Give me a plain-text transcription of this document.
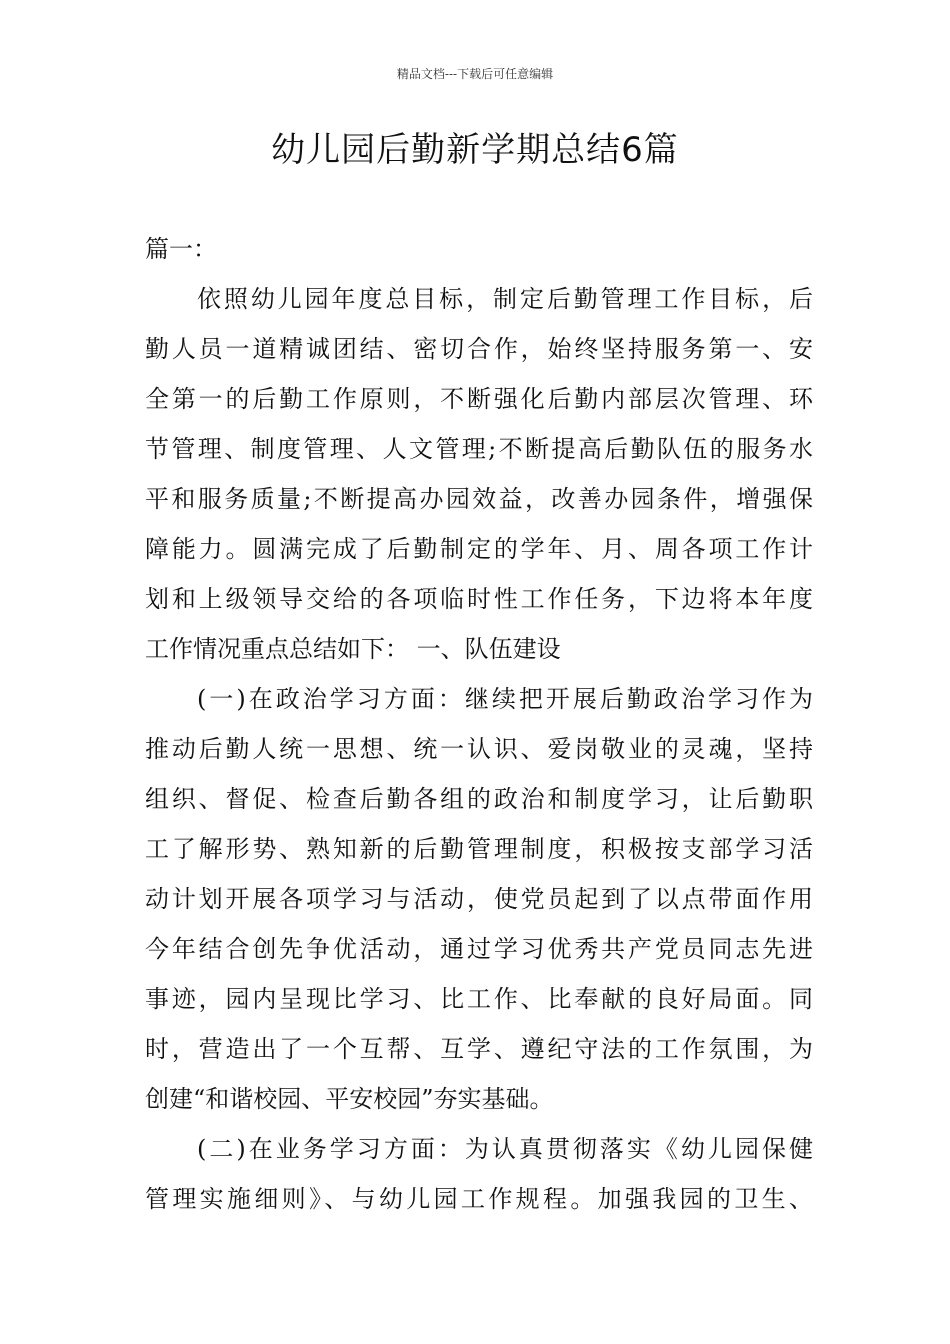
精品文档---下载后可任意编辑
幼儿园后勤新学期总结6篇
篇一：
依照幼儿园年度总目标，制定后勤管理工作目标，后
勤人员一道精诚团结、密切合作，始终坚持服务第一、安
全第一的后勤工作原则，不断强化后勤内部层次管理、环
节管理、制度管理、人文管理;不断提高后勤队伍的服务水
平和服务质量;不断提高办园效益，改善办园条件，增强保
障能力。圆满完成了后勤制定的学年、月、周各项工作计
划和上级领导交给的各项临时性工作任务，下边将本年度
工作情况重点总结如下： 一、队伍建设
(一)在政治学习方面：继续把开展后勤政治学习作为
推动后勤人统一思想、统一认识、爱岗敬业的灵魂，坚持
组织、督促、检查后勤各组的政治和制度学习，让后勤职
工了解形势、熟知新的后勤管理制度，积极按支部学习活
动计划开展各项学习与活动，使党员起到了以点带面作用
今年结合创先争优活动，通过学习优秀共产党员同志先进
事迹，园内呈现比学习、比工作、比奉献的良好局面。同
时，营造出了一个互帮、互学、遵纪守法的工作氛围，为
创建“和谐校园、平安校园”夯实基础。
(二)在业务学习方面：为认真贯彻落实《幼儿园保健
管理实施细则》、与幼儿园工作规程。加强我园的卫生、
